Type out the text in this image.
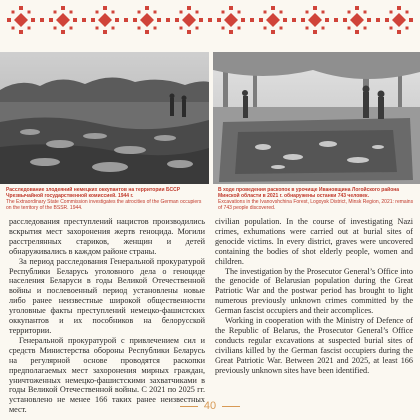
Расследование злодеяний немецких оккупантов на территории БССР Чрезвычайной государственной комиссией. 1944 г.
The Extraordinary State Commission investigates the atrocities of the German occupiers on the territory of the BSSR. 1944.
В ходе проведения раскопок в урочище Ивановщина Логойского района Минской области в 2021 г. обнаружены останки 743 человек.
Excavations in the Ivanovshchina Forest, Logoysk District, Minsk Region, 2021: remains of 743 people discovered.

расследования преступлений нацистов производились вскрытия мест захоронения жертв геноцида. Могили расстрелянных стариков, женщин и детей обнаруживались в каждом районе страны.

За период расследования Генеральной прокуратурой Республики Беларусь уголовного дела о геноциде населения Беларуси в годы Великой Отечественной войны и послевоенный период установлены новые либо ранее неизвестные широкой общественности уголовные факты преступлений немецко-фашистских оккупантов и их пособников на белорусской территории.

Генеральной прокуратурой с привлечением сил и средств Министерства обороны Республики Беларусь на регулярной основе проводятся раскопки предполагаемых мест захоронения мирных граждан, уничтоженных немецко-фашистскими захватчиками в годы Великой Отечественной войны. С 2021 по 2025 гг. установлено не менее 166 таких ранее неизвестных мест.

civilian population. In the course of investigating Nazi crimes, exhumations were carried out at burial sites of genocide victims. In every district, graves were uncovered containing the bodies of shot elderly people, women and children.

The investigation by the Prosecutor General’s Office into the genocide of Belarusian population during the Great Patriotic War and the postwar period has brought to light numerous previously unknown crimes committed by the German fascist occupiers and their accomplices.

Working in cooperation with the Ministry of Defence of the Republic of Belarus, the Prosecutor General’s Office conducts regular excavations at suspected burial sites of civilians killed by the German fascist occupiers during the Great Patriotic War. Between 2021 and 2025, at least 166 previously unknown sites have been identified.

40
